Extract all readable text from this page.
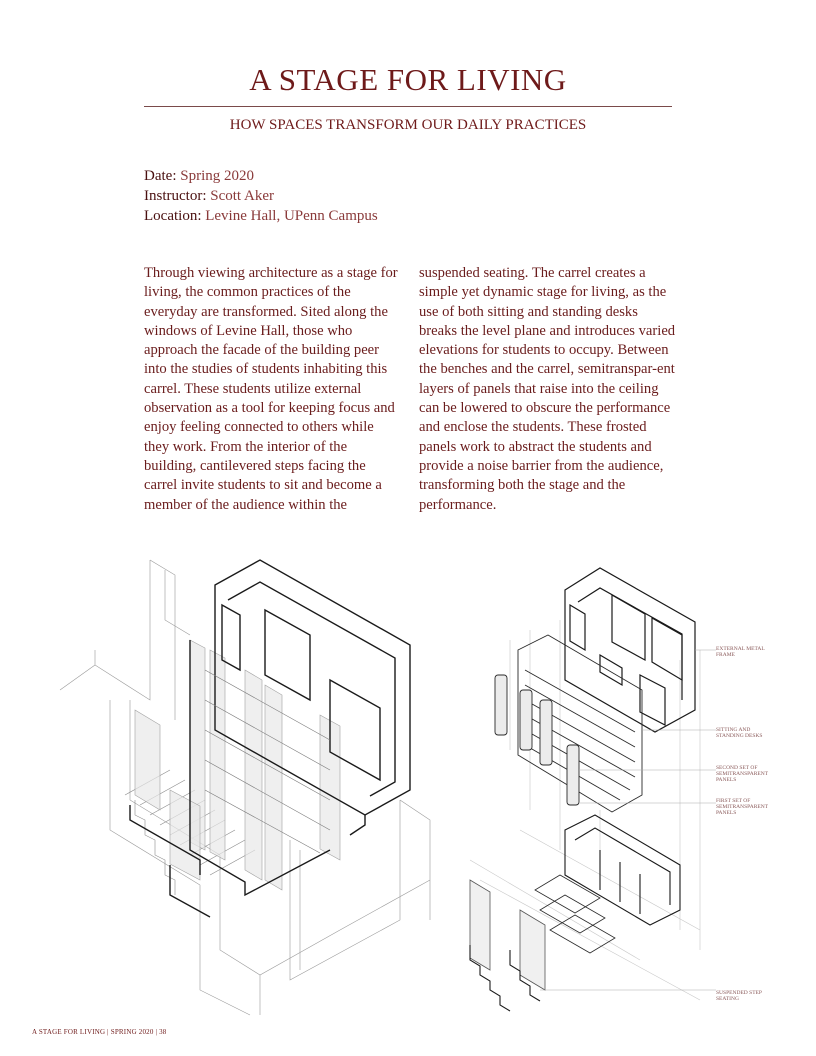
A STAGE FOR LIVING
HOW SPACES TRANSFORM OUR DAILY PRACTICES
Date: Spring 2020
Instructor: Scott Aker
Location: Levine Hall, UPenn Campus
Through viewing architecture as a stage for living, the common practices of the everyday are transformed. Sited along the windows of Levine Hall, those who approach the facade of the building peer into the studies of students inhabiting this carrel. These students utilize external observation as a tool for keeping focus and enjoy feeling connected to others while they work. From the interior of the building, cantilevered steps facing the carrel invite students to sit and become a member of the audience within the
suspended seating. The carrel creates a simple yet dynamic stage for living, as the use of both sitting and standing desks breaks the level plane and introduces varied elevations for students to occupy. Between the benches and the carrel, semitranspar-ent layers of panels that raise into the ceiling can be lowered to obscure the performance and enclose the students. These frosted panels work to abstract the students and provide a noise barrier from the audience, transforming both the stage and the performance.
EXTERNAL METAL FRAME
SITTING AND STANDING DESKS
SECOND SET OF SEMITRANSPARENT PANELS
FIRST SET OF SEMITRANSPARENT PANELS
SUSPENDED STEP SEATING
A STAGE FOR LIVING | SPRING 2020 | 38
